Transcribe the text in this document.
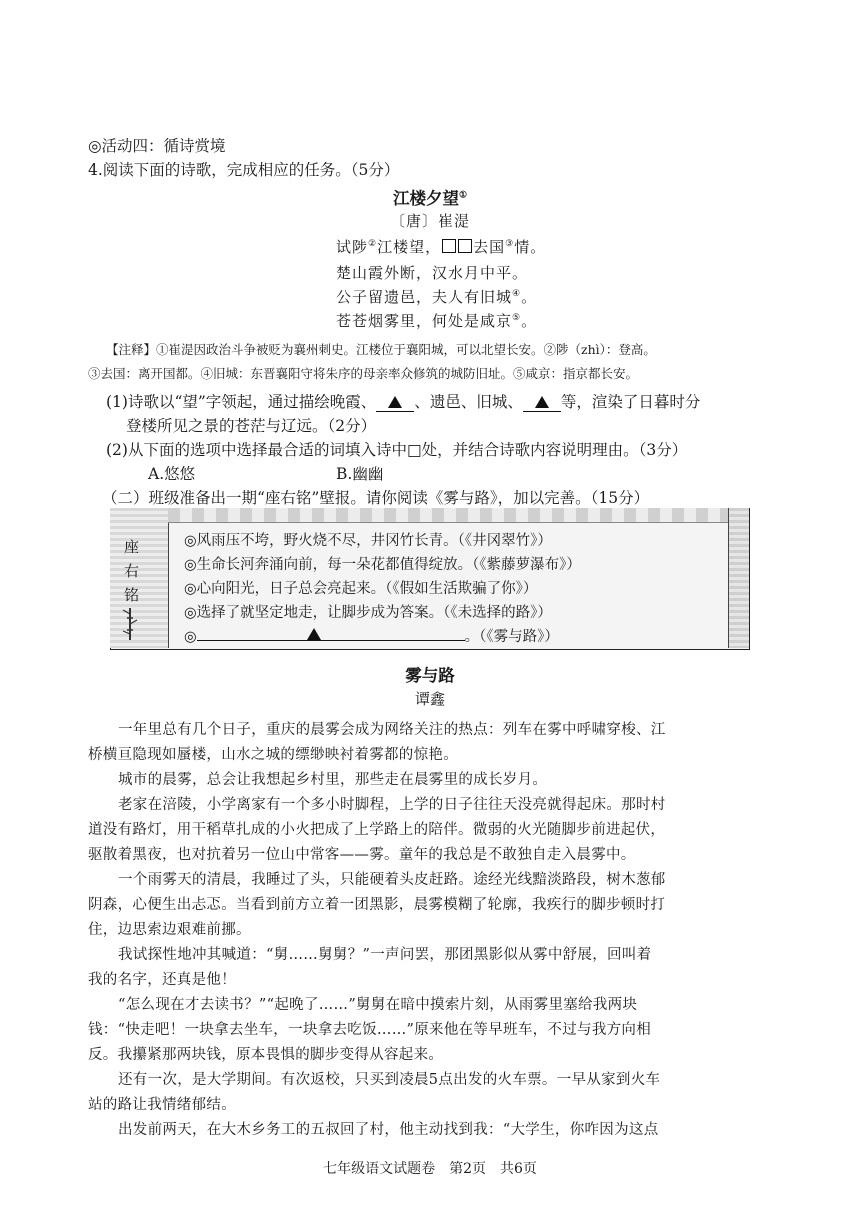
◎活动四：循诗赏境
4.阅读下面的诗歌，完成相应的任务。（5分）
江楼夕望①
〔唐〕崔湜
试陟②江楼望， 去国③情。
楚山霞外断，汉水月中平。
公子留遗邑，夫人有旧城④。
苍苍烟雾里，何处是咸京⑤。
【注释】①崔湜因政治斗争被贬为襄州刺史。江楼位于襄阳城，可以北望长安。②陟（zhì）：登高。
③去国：离开国都。④旧城：东晋襄阳守将朱序的母亲率众修筑的城防旧址。⑤咸京：指京都长安。
(1)诗歌以“望”字领起，通过描绘晚霞、 、遗邑、旧城、 等，渲染了日暮时分
登楼所见之景的苍茫与辽远。（2分）
(2)从下面的选项中选择最合适的词填入诗中□处，并结合诗歌内容说明理由。（3分）
A.悠悠	B.幽幽
（二）班级准备出一期“座右铭”壁报。请你阅读《雾与路》，加以完善。（15分）
座
右
铭
◎风雨压不垮，野火烧不尽，井冈竹长青。（《井冈翠竹》）
◎生命长河奔涌向前，每一朵花都值得绽放。（《紫藤萝瀑布》）
◎心向阳光，日子总会亮起来。（《假如生活欺骗了你》）
◎选择了就坚定地走，让脚步成为答案。（《未选择的路》）
◎	。（《雾与路》）
雾与路
谭鑫
一年里总有几个日子，重庆的晨雾会成为网络关注的热点：列车在雾中呼啸穿梭、江
桥横亘隐现如蜃楼，山水之城的缥缈映衬着雾都的惊艳。
城市的晨雾，总会让我想起乡村里，那些走在晨雾里的成长岁月。
老家在涪陵，小学离家有一个多小时脚程，上学的日子往往天没亮就得起床。那时村
道没有路灯，用干稻草扎成的小火把成了上学路上的陪伴。微弱的火光随脚步前进起伏，
驱散着黑夜，也对抗着另一位山中常客——雾。童年的我总是不敢独自走入晨雾中。
一个雨雾天的清晨，我睡过了头，只能硬着头皮赶路。途经光线黯淡路段，树木葱郁
阴森，心便生出忐忑。当看到前方立着一团黑影，晨雾模糊了轮廓，我疾行的脚步顿时打
住，边思索边艰难前挪。
我试探性地冲其喊道：“舅……舅舅？”一声问罢，那团黑影似从雾中舒展，回叫着
我的名字，还真是他！
“怎么现在才去读书？”“起晚了……”舅舅在暗中摸索片刻，从雨雾里塞给我两块
钱：“快走吧！一块拿去坐车，一块拿去吃饭……”原来他在等早班车，不过与我方向相
反。我攥紧那两块钱，原本畏惧的脚步变得从容起来。
还有一次，是大学期间。有次返校，只买到凌晨5点出发的火车票。一早从家到火车
站的路让我情绪郁结。
出发前两天，在大木乡务工的五叔回了村，他主动找到我：“大学生，你咋因为这点
七年级语文试题卷　第2页　共6页
